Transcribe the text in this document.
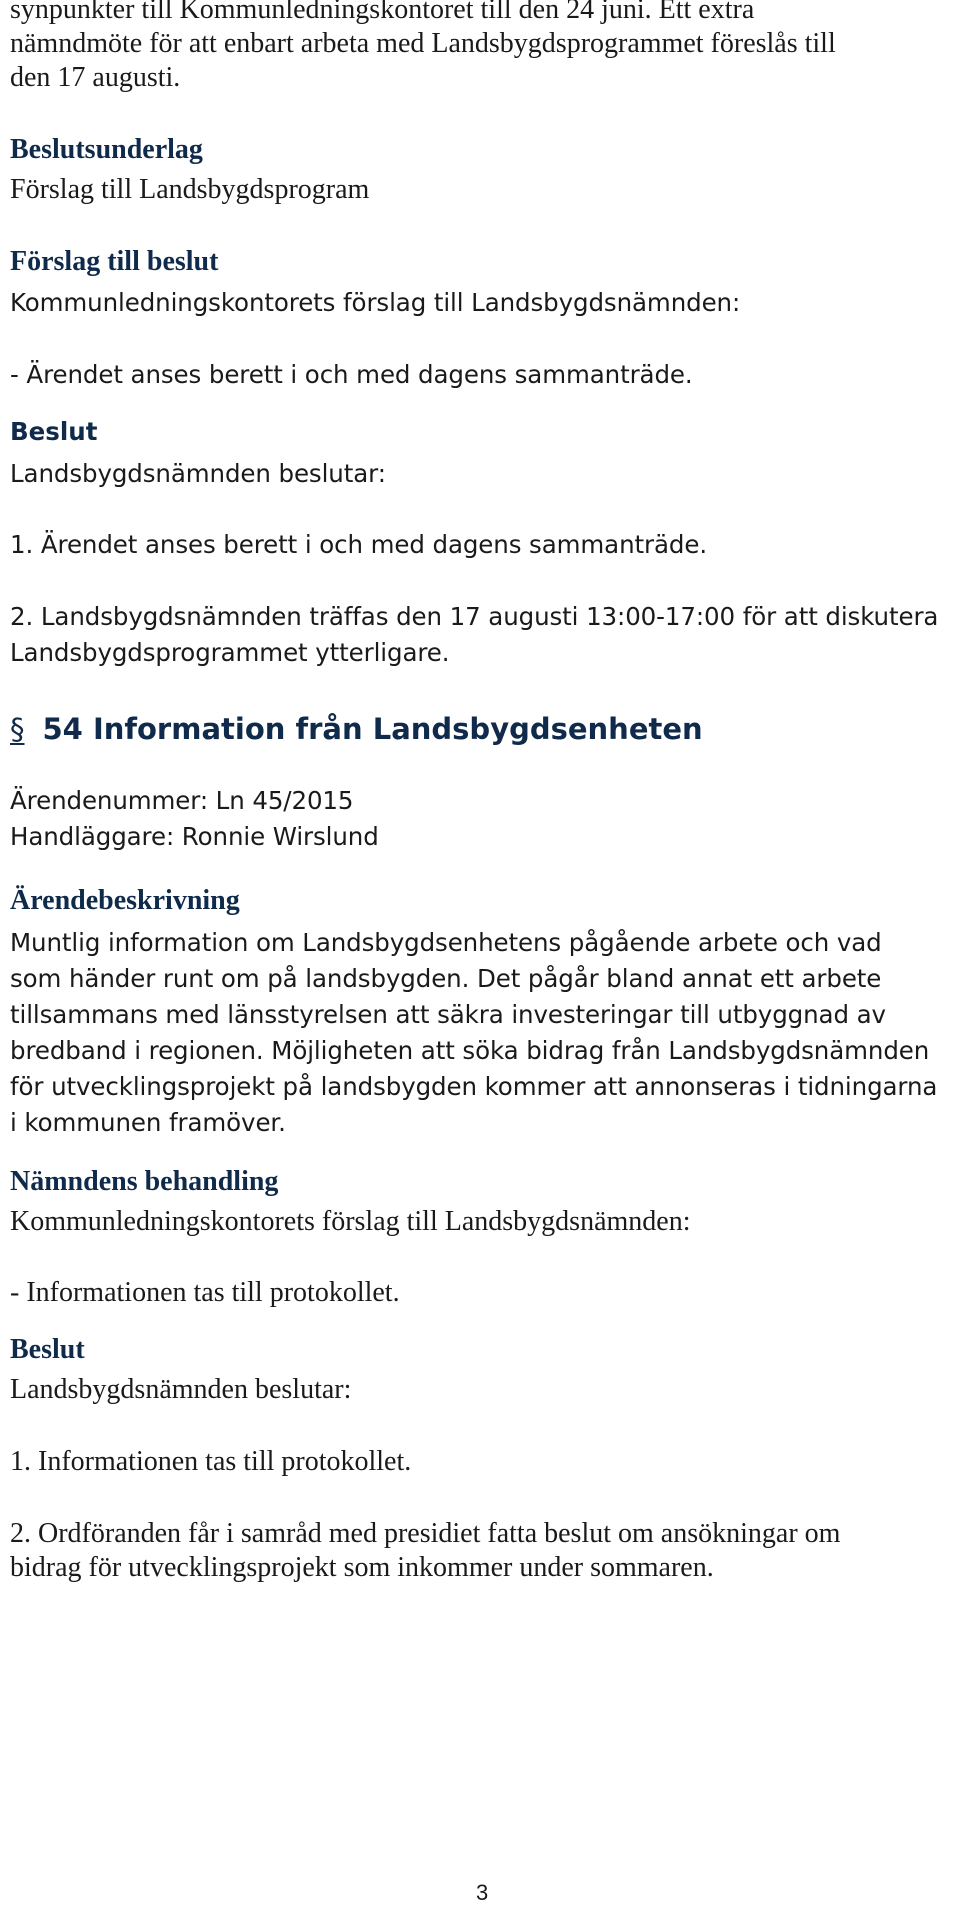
synpunkter till Kommunledningskontoret till den 24 juni. Ett extra
nämndmöte för att enbart arbeta med Landsbygdsprogrammet föreslås till
den 17 augusti.
Beslutsunderlag
Förslag till Landsbygdsprogram
Förslag till beslut
Kommunledningskontorets förslag till Landsbygdsnämnden:
- Ärendet anses berett i och med dagens sammanträde.
Beslut
Landsbygdsnämnden beslutar:
1. Ärendet anses berett i och med dagens sammanträde.
2. Landsbygdsnämnden träffas den 17 augusti 13:00-17:00 för att diskutera
Landsbygdsprogrammet ytterligare.
§ 54 Information från Landsbygdsenheten
Ärendenummer: Ln 45/2015
Handläggare: Ronnie Wirslund
Ärendebeskrivning
Muntlig information om Landsbygdsenhetens pågående arbete och vad
som händer runt om på landsbygden. Det pågår bland annat ett arbete
tillsammans med länsstyrelsen att säkra investeringar till utbyggnad av
bredband i regionen. Möjligheten att söka bidrag från Landsbygdsnämnden
för utvecklingsprojekt på landsbygden kommer att annonseras i tidningarna
i kommunen framöver.
Nämndens behandling
Kommunledningskontorets förslag till Landsbygdsnämnden:
- Informationen tas till protokollet.
Beslut
Landsbygdsnämnden beslutar:
1. Informationen tas till protokollet.
2. Ordföranden får i samråd med presidiet fatta beslut om ansökningar om
bidrag för utvecklingsprojekt som inkommer under sommaren.
3
